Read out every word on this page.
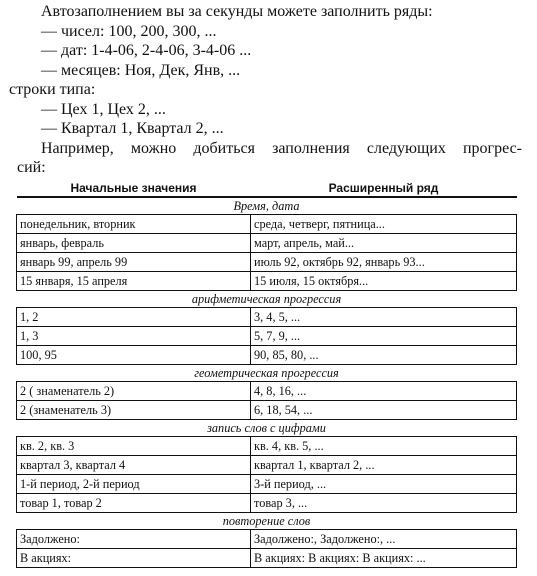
Автозаполнением вы за секунды можете заполнить ряды:
— чисел: 100, 200, 300, ...
— дат: 1-4-06, 2-4-06, 3-4-06 ...
— месяцев: Ноя, Дек, Янв, ...
строки типа:
— Цех 1, Цех 2, ...
— Квартал 1, Квартал 2, ...
Например, можно добиться заполнения следующих прогрес-
сий:
Начальные значения	Расширенный ряд
Время, дата	
понедельник, вторник	среда, четверг, пятница...
январь, февраль	март, апрель, май...
январь 99, апрель 99	июль 92, октябрь 92, январь 93...
15 января, 15 апреля	15 июля, 15 октября...
арифметическая прогрессия	
1, 2	3, 4, 5, ...
1, 3	5, 7, 9, ...
100, 95	90, 85, 80, ...
геометрическая прогрессия	
2 ( знаменатель 2)	4, 8, 16, ...
2 (знаменатель 3)	6, 18, 54, ...
запись слов с цифрами	
кв. 2, кв. 3	кв. 4, кв. 5, ...
квартал 3, квартал 4	квартал 1, квартал 2, ...
1-й период, 2-й период	3-й период, ...
товар 1, товар 2	товар 3, ...
повторение слов	
Задолжено:	Задолжено:, Задолжено:, ...
В акциях:	В акциях: В акциях: В акциях: ...
